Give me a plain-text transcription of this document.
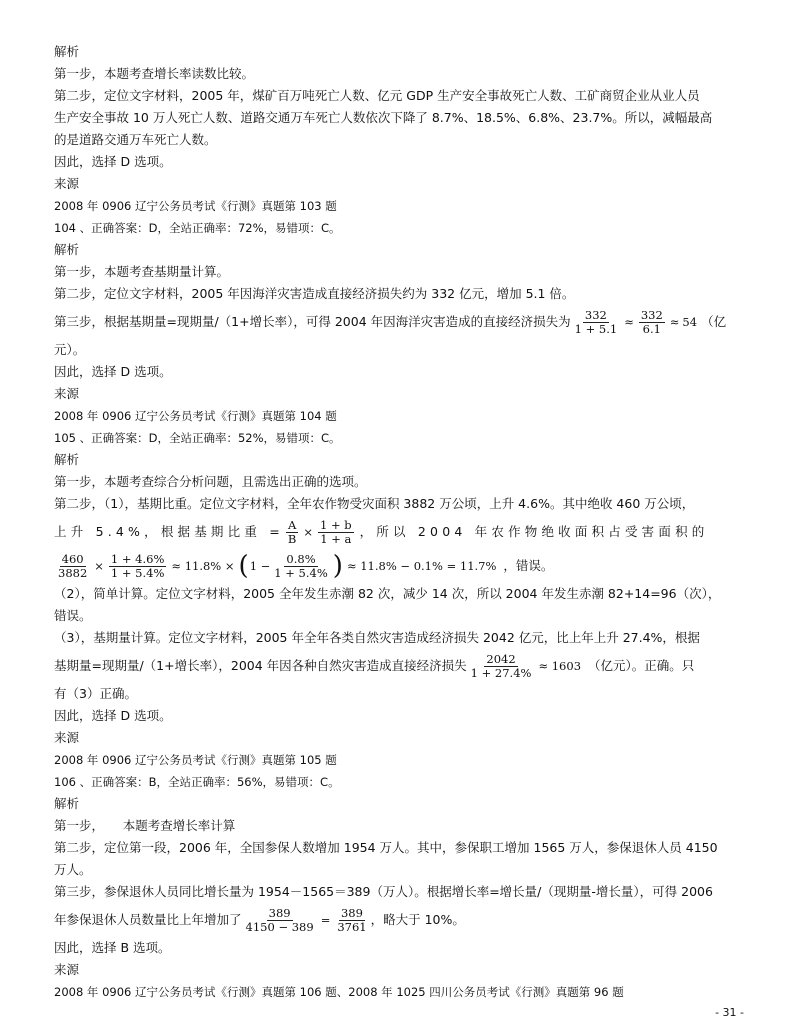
解析
第一步，本题考查增长率读数比较。
第二步，定位文字材料，2005 年，煤矿百万吨死亡人数、亿元 GDP 生产安全事故死亡人数、工矿商贸企业从业人员
生产安全事故 10 万人死亡人数、道路交通万车死亡人数依次下降了 8.7%、18.5%、6.8%、23.7%。所以，减幅最高
的是道路交通万车死亡人数。
因此，选择 D 选项。
来源
2008 年 0906 辽宁公务员考试《行测》真题第 103 题
104 、正确答案：D，全站正确率：72%，易错项：C。
解析
第一步，本题考查基期量计算。
第二步，定位文字材料，2005 年因海洋灾害造成直接经济损失约为 332 亿元，增加 5.1 倍。
第三步，根据基期量=现期量/（1+增长率），可得 2004 年因海洋灾害造成的直接经济损失为 $\frac{332}{1 + 5.1} \approx \frac{332}{6.1} \approx 54$ （亿
元）。
因此，选择 D 选项。
来源
2008 年 0906 辽宁公务员考试《行测》真题第 104 题
105 、正确答案：D，全站正确率：52%，易错项：C。
解析
第一步，本题考查综合分析问题，且需选出正确的选项。
第二步，（1），基期比重。定位文字材料，全年农作物受灾面积 3882 万公顷，上升 4.6%。其中绝收 460 万公顷，
上升 5.4%，根据基期比重 = $\frac{A}{B} \times \frac{1 + b}{1 + a}$ ，所以 2004 年农作物绝收面积占受害面积的
$\frac{460}{3882} \times \frac{1 + 4.6\%}{1 + 5.4\%} \approx 11.8\%$ × ( $1 - \frac{0.8\%}{1 + 5.4\%}$ ) ≈ 11.8% − 0.1% = 11.7% ，错误。
（2），简单计算。定位文字材料，2005 全年发生赤潮 82 次，减少 14 次，所以 2004 年发生赤潮 82+14=96（次），
错误。
（3），基期量计算。定位文字材料，2005 年全年各类自然灾害造成经济损失 2042 亿元，比上年上升 27.4%，根据
基期量=现期量/（1+增长率），2004 年因各种自然灾害造成直接经济损失 $\frac{2042}{1 + 27.4\%} \approx 1603$ （亿元）。正确。只
有（3）正确。
因此，选择 D 选项。
来源
2008 年 0906 辽宁公务员考试《行测》真题第 105 题
106 、正确答案：B，全站正确率：56%，易错项：C。
解析
第一步，　　本题考查增长率计算
第二步，定位第一段，2006 年，全国参保人数增加 1954 万人。其中，参保职工增加 1565 万人，参保退休人员 4150
万人。
第三步，参保退休人员同比增长量为 1954－1565＝389（万人）。根据增长率=增长量/（现期量-增长量），可得 2006
年参保退休人员数量比上年增加了 $\frac{389}{4150 - 389} = \frac{389}{3761}$ ，略大于 10%。
因此，选择 B 选项。
来源
2008 年 0906 辽宁公务员考试《行测》真题第 106 题、2008 年 1025 四川公务员考试《行测》真题第 96 题
- 31 -
